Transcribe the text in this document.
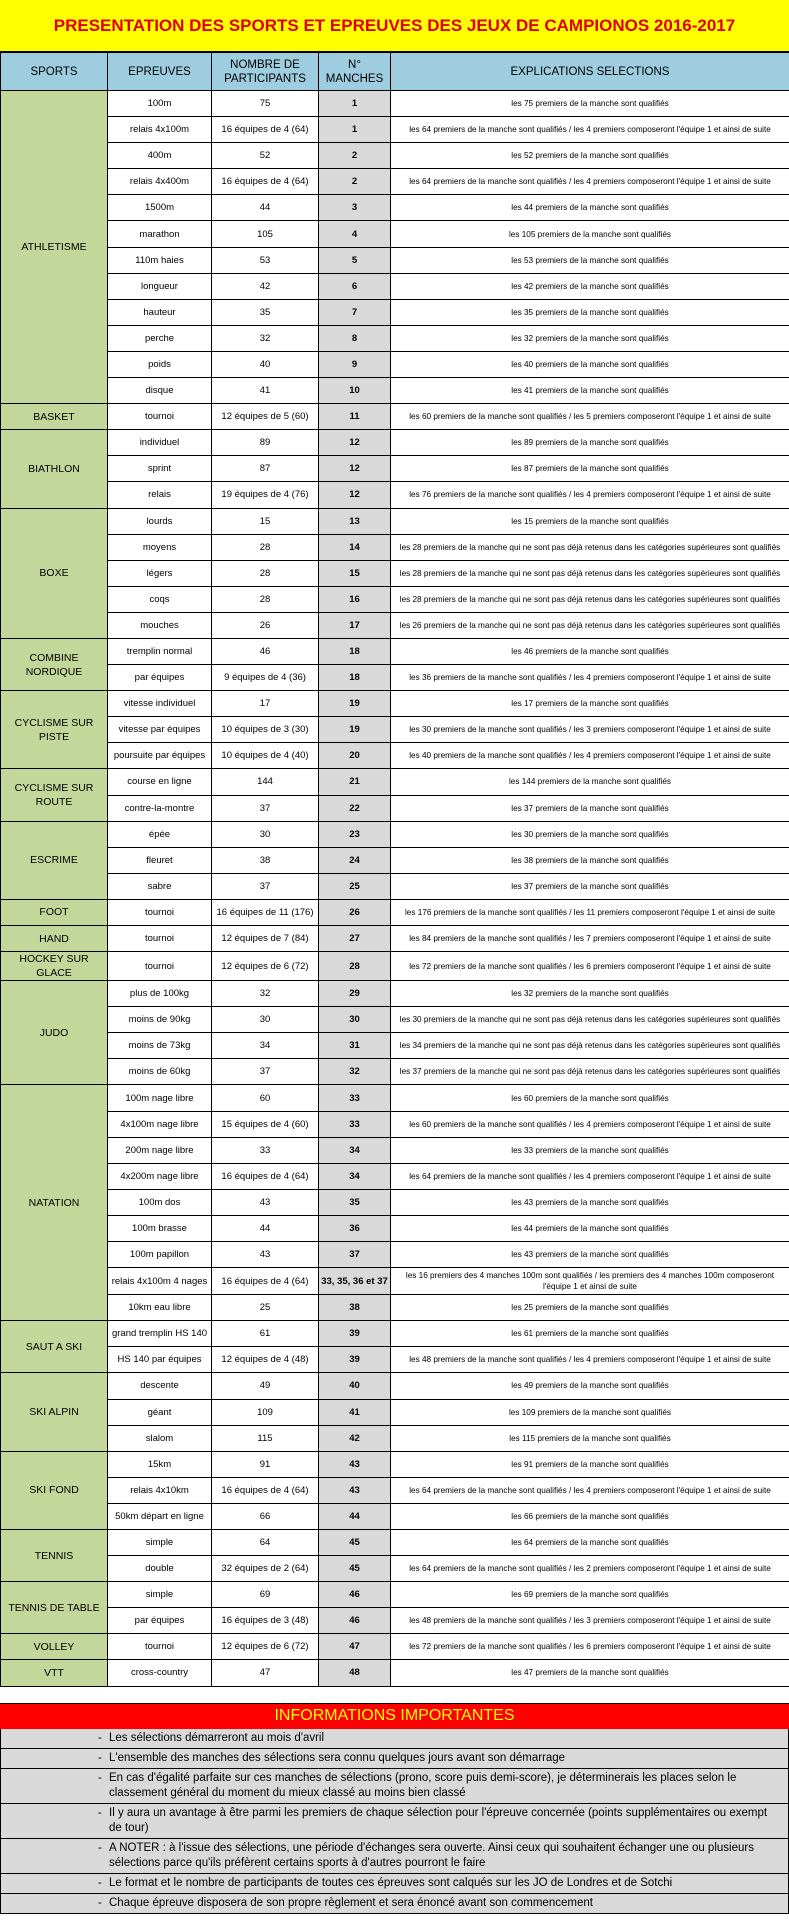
PRESENTATION DES SPORTS ET EPREUVES DES JEUX DE CAMPIONOS 2016-2017
SPORTS	EPREUVES	NOMBRE DE PARTICIPANTS	N° MANCHES	EXPLICATIONS SELECTIONS
ATHLETISME	100m	75	1	les 75 premiers de la manche sont qualifiés
	relais 4x100m	16 équipes de 4 (64)	1	les 64 premiers de la manche sont qualifiés / les 4 premiers composeront l'équipe 1 et ainsi de suite
	400m	52	2	les 52 premiers de la manche sont qualifiés
	relais 4x400m	16 équipes de 4 (64)	2	les 64 premiers de la manche sont qualifiés / les 4 premiers composeront l'équipe 1 et ainsi de suite
	1500m	44	3	les 44 premiers de la manche sont qualifiés
	marathon	105	4	les 105 premiers de la manche sont qualifiés
	110m haies	53	5	les 53 premiers de la manche sont qualifiés
	longueur	42	6	les 42 premiers de la manche sont qualifiés
	hauteur	35	7	les 35 premiers de la manche sont qualifiés
	perche	32	8	les 32 premiers de la manche sont qualifiés
	poids	40	9	les 40 premiers de la manche sont qualifiés
	disque	41	10	les 41 premiers de la manche sont qualifiés
BASKET	tournoi	12 équipes de 5 (60)	11	les 60 premiers de la manche sont qualifiés / les 5 premiers composeront l'équipe 1 et ainsi de suite
BIATHLON	individuel	89	12	les 89 premiers de la manche sont qualifiés
	sprint	87	12	les 87 premiers de la manche sont qualifiés
	relais	19 équipes de 4 (76)	12	les 76 premiers de la manche sont qualifiés / les 4 premiers composeront l'équipe 1 et ainsi de suite
BOXE	lourds	15	13	les 15 premiers de la manche sont qualifiés
	moyens	28	14	les 28 premiers de la manche qui ne sont pas déjà retenus dans les catégories supérieures sont qualifiés
	légers	28	15	les 28 premiers de la manche qui ne sont pas déjà retenus dans les catégories supérieures sont qualifiés
	coqs	28	16	les 28 premiers de la manche qui ne sont pas déjà retenus dans les catégories supérieures sont qualifiés
	mouches	26	17	les 26 premiers de la manche qui ne sont pas déjà retenus dans les catégories supérieures sont qualifiés
COMBINE NORDIQUE	tremplin normal	46	18	les 46 premiers de la manche sont qualifiés
	par équipes	9 équipes de 4 (36)	18	les 36 premiers de la manche sont qualifiés / les 4 premiers composeront l'équipe 1 et ainsi de suite
CYCLISME SUR PISTE	vitesse individuel	17	19	les 17 premiers de la manche sont qualifiés
	vitesse par équipes	10 équipes de 3 (30)	19	les 30 premiers de la manche sont qualifiés / les 3 premiers composeront l'équipe 1 et ainsi de suite
	poursuite par équipes	10 équipes de 4 (40)	20	les 40 premiers de la manche sont qualifiés / les 4 premiers composeront l'équipe 1 et ainsi de suite
CYCLISME SUR ROUTE	course en ligne	144	21	les 144 premiers de la manche sont qualifiés
	contre-la-montre	37	22	les 37 premiers de la manche sont qualifiés
ESCRIME	épée	30	23	les 30 premiers de la manche sont qualifiés
	fleuret	38	24	les 38 premiers de la manche sont qualifiés
	sabre	37	25	les 37 premiers de la manche sont qualifiés
FOOT	tournoi	16 équipes de 11 (176)	26	les 176 premiers de la manche sont qualifiés / les 11 premiers composeront l'équipe 1 et ainsi de suite
HAND	tournoi	12 équipes de 7 (84)	27	les 84 premiers de la manche sont qualifiés / les 7 premiers composeront l'équipe 1 et ainsi de suite
HOCKEY SUR GLACE	tournoi	12 équipes de 6 (72)	28	les 72 premiers de la manche sont qualifiés / les 6 premiers composeront l'équipe 1 et ainsi de suite
JUDO	plus de 100kg	32	29	les 32 premiers de la manche sont qualifiés
	moins de 90kg	30	30	les 30 premiers de la manche qui ne sont pas déjà retenus dans les catégories supérieures sont qualifiés
	moins de 73kg	34	31	les 34 premiers de la manche qui ne sont pas déjà retenus dans les catégories supérieures sont qualifiés
	moins de 60kg	37	32	les 37 premiers de la manche qui ne sont pas déjà retenus dans les catégories supérieures sont qualifiés
NATATION	100m nage libre	60	33	les 60 premiers de la manche sont qualifiés
	4x100m nage libre	15 équipes de 4 (60)	33	les 60 premiers de la manche sont qualifiés / les 4 premiers composeront l'équipe 1 et ainsi de suite
	200m nage libre	33	34	les 33 premiers de la manche sont qualifiés
	4x200m nage libre	16 équipes de 4 (64)	34	les 64 premiers de la manche sont qualifiés / les 4 premiers composeront l'équipe 1 et ainsi de suite
	100m dos	43	35	les 43 premiers de la manche sont qualifiés
	100m brasse	44	36	les 44 premiers de la manche sont qualifiés
	100m papillon	43	37	les 43 premiers de la manche sont qualifiés
	relais 4x100m 4 nages	16 équipes de 4 (64)	33, 35, 36 et 37	les 16 premiers des 4 manches 100m sont qualifiés / les premiers des 4 manches 100m composeront l'équipe 1 et ainsi de suite
	10km eau libre	25	38	les 25 premiers de la manche sont qualifiés
SAUT A SKI	grand tremplin HS 140	61	39	les 61 premiers de la manche sont qualifiés
	HS 140 par équipes	12 équipes de 4 (48)	39	les 48 premiers de la manche sont qualifiés / les 4 premiers composeront l'équipe 1 et ainsi de suite
SKI ALPIN	descente	49	40	les 49 premiers de la manche sont qualifiés
	géant	109	41	les 109 premiers de la manche sont qualifiés
	slalom	115	42	les 115 premiers de la manche sont qualifiés
SKI FOND	15km	91	43	les 91 premiers de la manche sont qualifiés
	relais 4x10km	16 équipes de 4 (64)	43	les 64 premiers de la manche sont qualifiés / les 4 premiers composeront l'équipe 1 et ainsi de suite
	50km départ en ligne	66	44	les 66 premiers de la manche sont qualifiés
TENNIS	simple	64	45	les 64 premiers de la manche sont qualifiés
	double	32 équipes de 2 (64)	45	les 64 premiers de la manche sont qualifiés / les 2 premiers composeront l'équipe 1 et ainsi de suite
TENNIS DE TABLE	simple	69	46	les 69 premiers de la manche sont qualifiés
	par équipes	16 équipes de 3 (48)	46	les 48 premiers de la manche sont qualifiés / les 3 premiers composeront l'équipe 1 et ainsi de suite
VOLLEY	tournoi	12 équipes de 6 (72)	47	les 72 premiers de la manche sont qualifiés / les 6 premiers composeront l'équipe 1 et ainsi de suite
VTT	cross-country	47	48	les 47 premiers de la manche sont qualifiés
INFORMATIONS IMPORTANTES
- Les sélections démarreront au mois d'avril
- L'ensemble des manches des sélections sera connu quelques jours avant son démarrage
- En cas d'égalité parfaite sur ces manches de sélections (prono, score puis demi-score), je déterminerais les places selon le classement général du moment du mieux classé au moins bien classé
- Il y aura un avantage à être parmi les premiers de chaque sélection pour l'épreuve concernée (points supplémentaires ou exempt de tour)
- A NOTER : à l'issue des sélections, une période d'échanges sera ouverte. Ainsi ceux qui souhaitent échanger une ou plusieurs sélections parce qu'ils préfèrent certains sports à d'autres pourront le faire
- Le format et le nombre de participants de toutes ces épreuves sont calqués sur les JO de Londres et de Sotchi
- Chaque épreuve disposera de son propre règlement et sera énoncé avant son commencement
